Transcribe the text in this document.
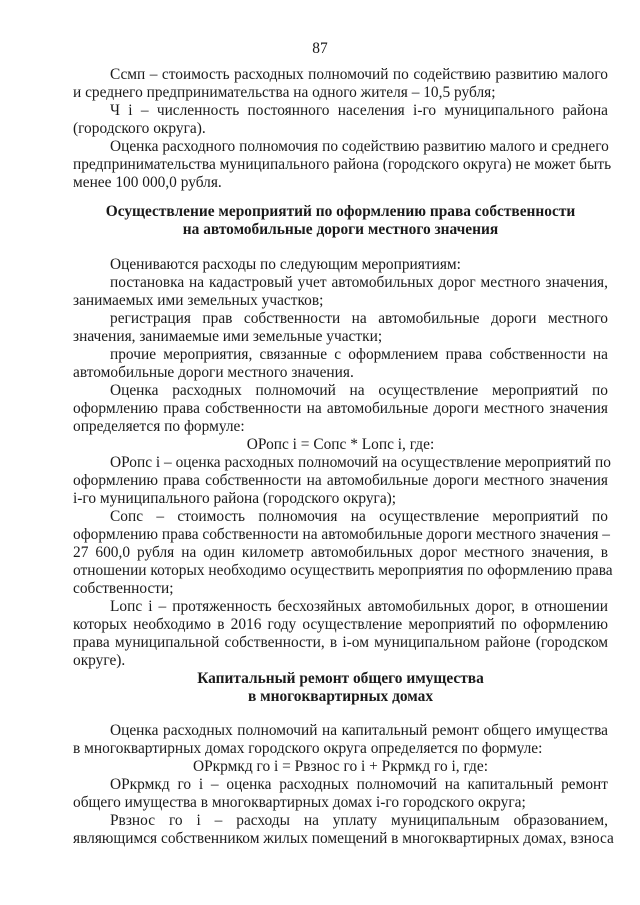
87
Ссмп – стоимость расходных полномочий по содействию развитию малого
и среднего предпринимательства на одного жителя – 10,5 рубля;
Ч і – численность постоянного населения і-го муниципального района
(городского округа).
Оценка расходного полномочия по содействию развитию малого и среднего
предпринимательства муниципального района (городского округа) не может быть
менее 100 000,0 рубля.
Осуществление мероприятий по оформлению права собственности
на автомобильные дороги местного значения
Оцениваются расходы по следующим мероприятиям:
постановка на кадастровый учет автомобильных дорог местного значения,
занимаемых ими земельных участков;
регистрация прав собственности на автомобильные дороги местного
значения, занимаемые ими земельные участки;
прочие мероприятия, связанные с оформлением права собственности на
автомобильные дороги местного значения.
Оценка расходных полномочий на осуществление мероприятий по
оформлению права собственности на автомобильные дороги местного значения
определяется по формуле:
ОРопс і = Сопс * Lопс і, где:
ОРопс і – оценка расходных полномочий на осуществление мероприятий по
оформлению права собственности на автомобильные дороги местного значения
і-го муниципального района (городского округа);
Сопс – стоимость полномочия на осуществление мероприятий по
оформлению права собственности на автомобильные дороги местного значения –
27 600,0 рубля на один километр автомобильных дорог местного значения, в
отношении которых необходимо осуществить мероприятия по оформлению права
собственности;
Lопс і – протяженность бесхозяйных автомобильных дорог, в отношении
которых необходимо в 2016 году осуществление мероприятий по оформлению
права муниципальной собственности, в і-ом муниципальном районе (городском
округе).
Капитальный ремонт общего имущества
в многоквартирных домах
Оценка расходных полномочий на капитальный ремонт общего имущества
в многоквартирных домах городского округа определяется по формуле:
ОРкрмкд го і = Рвзнос го і + Ркрмкд го і, где:
ОРкрмкд го і – оценка расходных полномочий на капитальный ремонт
общего имущества в многоквартирных домах і-го городского округа;
Рвзнос го і – расходы на уплату муниципальным образованием,
являющимся собственником жилых помещений в многоквартирных домах, взноса
